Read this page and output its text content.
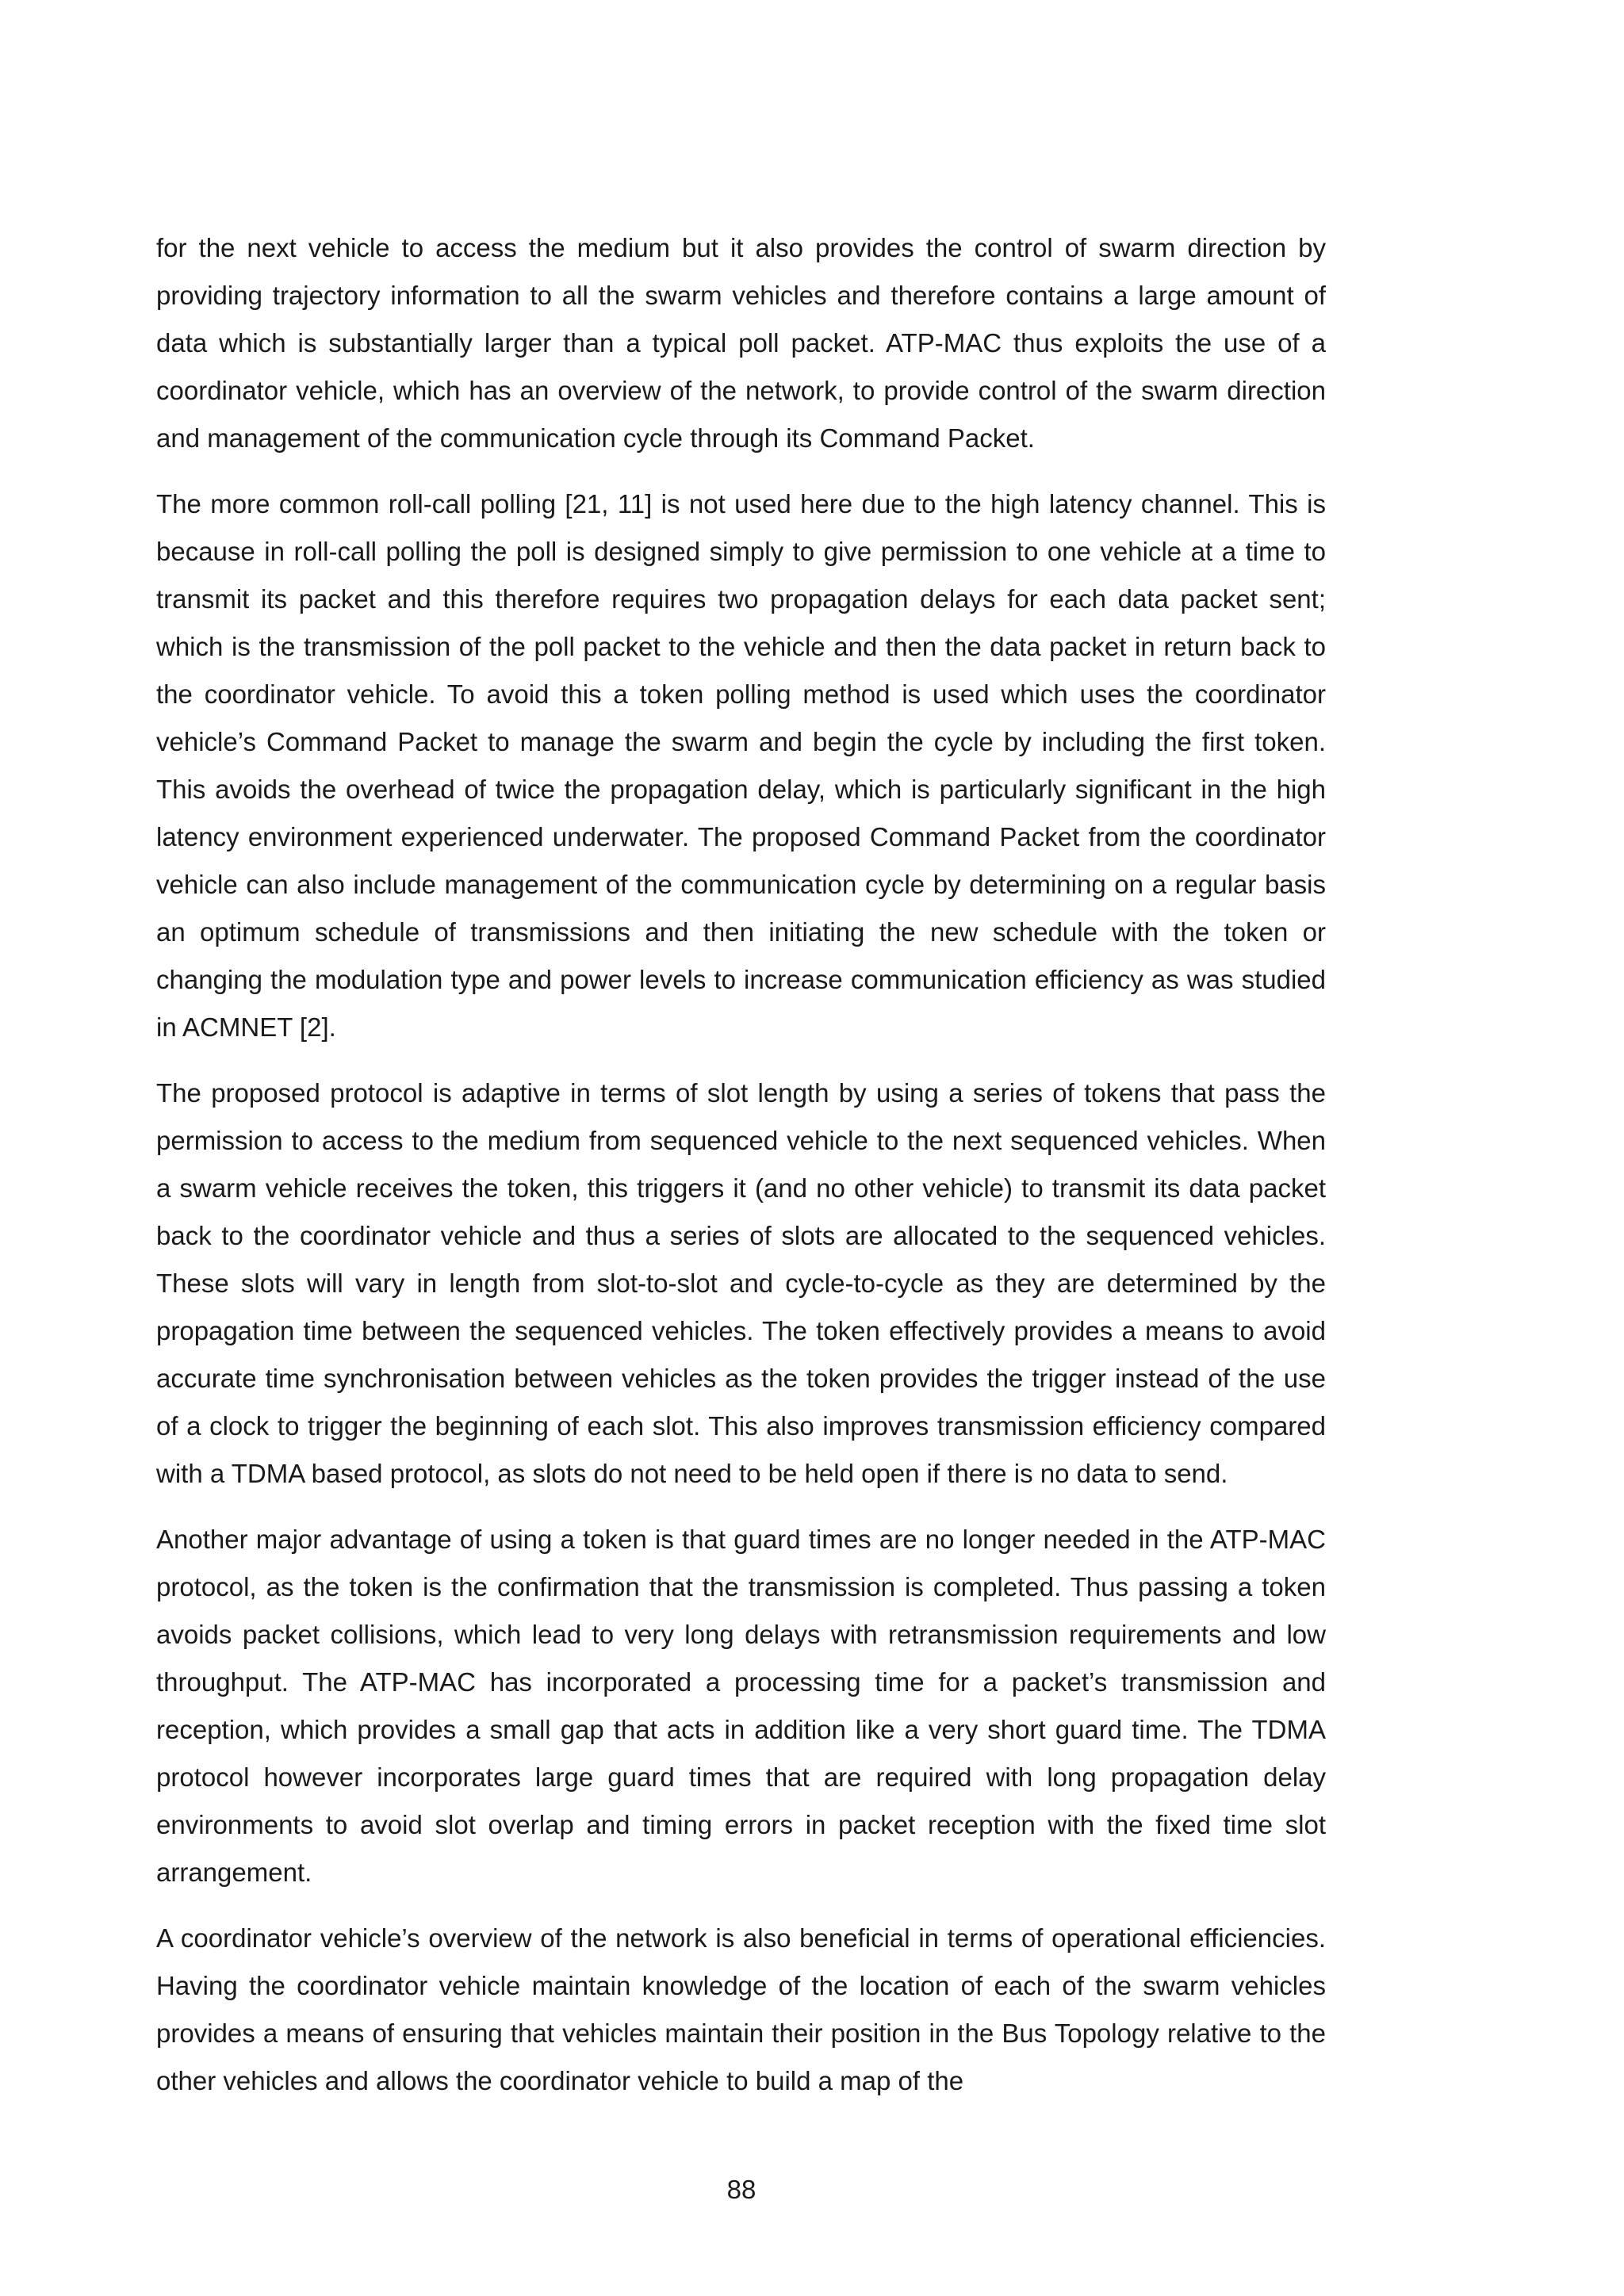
for the next vehicle to access the medium but it also provides the control of swarm direction by providing trajectory information to all the swarm vehicles and therefore contains a large amount of data which is substantially larger than a typical poll packet. ATP-MAC thus exploits the use of a coordinator vehicle, which has an overview of the network, to provide control of the swarm direction and management of the communication cycle through its Command Packet.

The more common roll-call polling [21, 11] is not used here due to the high latency channel. This is because in roll-call polling the poll is designed simply to give permission to one vehicle at a time to transmit its packet and this therefore requires two propagation delays for each data packet sent; which is the transmission of the poll packet to the vehicle and then the data packet in return back to the coordinator vehicle. To avoid this a token polling method is used which uses the coordinator vehicle’s Command Packet to manage the swarm and begin the cycle by including the first token. This avoids the overhead of twice the propagation delay, which is particularly significant in the high latency environment experienced underwater. The proposed Command Packet from the coordinator vehicle can also include management of the communication cycle by determining on a regular basis an optimum schedule of transmissions and then initiating the new schedule with the token or changing the modulation type and power levels to increase communication efficiency as was studied in ACMNET [2].

The proposed protocol is adaptive in terms of slot length by using a series of tokens that pass the permission to access to the medium from sequenced vehicle to the next sequenced vehicles. When a swarm vehicle receives the token, this triggers it (and no other vehicle) to transmit its data packet back to the coordinator vehicle and thus a series of slots are allocated to the sequenced vehicles. These slots will vary in length from slot-to-slot and cycle-to-cycle as they are determined by the propagation time between the sequenced vehicles. The token effectively provides a means to avoid accurate time synchronisation between vehicles as the token provides the trigger instead of the use of a clock to trigger the beginning of each slot. This also improves transmission efficiency compared with a TDMA based protocol, as slots do not need to be held open if there is no data to send.

Another major advantage of using a token is that guard times are no longer needed in the ATP-MAC protocol, as the token is the confirmation that the transmission is completed. Thus passing a token avoids packet collisions, which lead to very long delays with retransmission requirements and low throughput. The ATP-MAC has incorporated a processing time for a packet’s transmission and reception, which provides a small gap that acts in addition like a very short guard time. The TDMA protocol however incorporates large guard times that are required with long propagation delay environments to avoid slot overlap and timing errors in packet reception with the fixed time slot arrangement.

A coordinator vehicle’s overview of the network is also beneficial in terms of operational efficiencies. Having the coordinator vehicle maintain knowledge of the location of each of the swarm vehicles provides a means of ensuring that vehicles maintain their position in the Bus Topology relative to the other vehicles and allows the coordinator vehicle to build a map of the

88
